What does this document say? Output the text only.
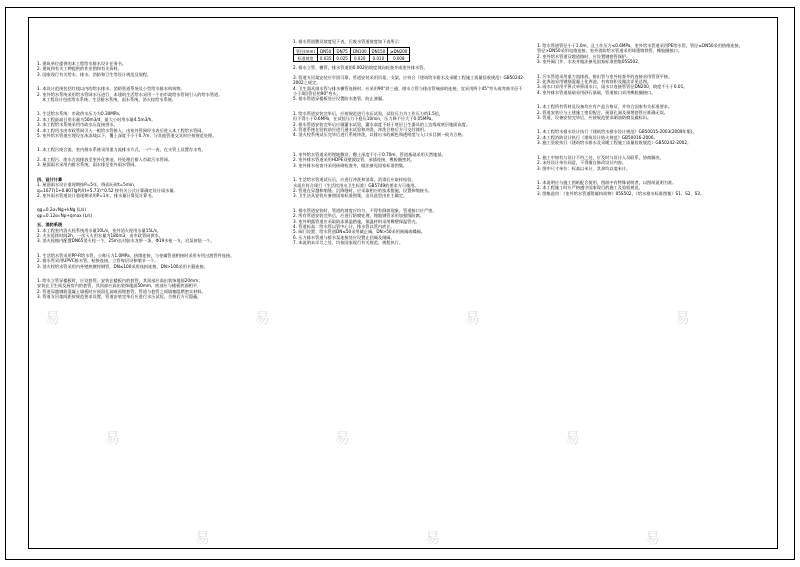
1. 建筑单位提供的本工程给水排水设计任务书。

2. 建筑和有关工种提供的作业图和有关资料。

3. 国家现行有关给水、排水、消防和卫生等设计规范及规程。

1. 本设计范围包括红线以内的给水排水、消防管道系统及小型给水排水构筑物。

2. 室外给水系统采用给水管网水压进行，本建筑生活给水采用一个由市政给水管网引入的给水管道。

本工程设计包括给水系统、生活排水系统、雨水系统、消火栓给水系统。

1. 生活给水系统：市政供水压力为0.30MPa，

2. 本工程最高日用水量为50m3/d，最大小时用水量4.5m3/h。

3. 本工程给水系统采用市政水压直接供水，

4. 本工程用水由市政管网引入一根给水管接入，由室外管网经水表后进入本工程给水管网。

5. 室外给水管道应埋设在冰冻线以下，覆土深度不小于0.7m，与其他管道交叉时应按规范处理。

1. 本工程污废合流，室内排水系统采用重力流排水方式，一户一表，在支管上设置存水弯。

2. 本工程污、废水合流排放至室外化粪池，经处理后排入市政污水管网。

3. 屋面雨水采用内排水系统，雨水排至室外雨水管网。

四、设计计算

1. 屋面雨水设计重现期按P=5年，降雨历时t=5min，

q=1677(1+0.807lgP)/(t+5.73)^0.52 按有关公式计算确定设计雨水量。

2. 室外雨水管道设计重现期采用P=1年，排水量计算见计算书。

qg=0.2α√Ng+kNg (L/s)

qp=0.12α√Np+qmax (L/s)

五、消防系统

1. 本工程室内消火栓系统用水量10L/s，室外消火栓用水量15L/s，

2. 火灾延续时间2h，一次灭火用水量为180m3，由市政管网供水。

3. 消火栓箱内配置DN65消火栓一个，25m长衬胶水龙带一条，Φ19水枪一支，启泵按钮一个。

1. 生活给水管采用PP-R给水管，公称压力1.0MPa，热熔连接，与金属管道相接时采用专用过渡管件连接。

2. 排水管采用UPVC排水管，粘接连接，立管每层设伸缩节一个。

3. 消火栓给水管采用内外壁热镀锌钢管，DN≤100采用丝扣连接，DN>100采用卡箍连接。

1. 给水立管穿楼板时，应设套管。安装在楼板内的套管，其顶部应高出装饰地面20mm；

安装在卫生间及厨房内的套管，其顶部应高出装饰地面50mm，底部应与楼板底面相平。

2. 管道穿越钢筋混凝土墙板时应预留孔洞或预埋套管，管道与套管之间填塞阻燃密实材料。

3. 管道支吊架间距按规范要求设置，管道安装完毕后应进行水压试验，合格后方可隐蔽。

1. 排水管道敷设坡度见下表，污废水管道坡度如下表所示：

管径(mm)	DN50	DN75	DN100	DN150	≥DN200
标准坡度	0.035	0.025	0.020	0.010	0.008

2. 排水立管、横管，排水管道的0.002的坡度坡向检查井或室外排水管。

3. 管道支吊架安装应牢固可靠，管道安装采用吊架、支架，应符合《建筑给水排水及采暖工程施工质量验收规范》GB50242-2002之规定。

4. 卫生器具排水管与排水横管连接时，应采用90°斜三通；排水立管与排出管端部的连接，宜采用两个45°弯头或弯曲半径不小于4倍管径的90°弯头。

5. 排水管道穿楼板处应设置防水套管，防止渗漏。

1. 给水管道安装完毕后，应按规范进行水压试验，试验压力为工作压力的1.5倍，

但不得小于0.6MPa，在试验压力下稳压10min，压力降不应大于0.05MPa。

2. 排水管道安装完毕后应做灌水试验，灌水高度不低于底层卫生器具的上边缘或底层地面高度。

3. 管道系统在验收前应进行通水试验和冲洗，冲洗合格后方可交付使用。

4. 消火栓系统试压完毕后进行系统冲洗，以排出水的颜色和透明度与入口水目测一致为合格。

1. 室外给水管道采用埋地敷设，覆土深度不小于0.70m，管道基础采用天然地基。

2. 室外排水管道采用HDPE双壁波纹管，承插连接，橡胶圈密封。

3. 室外排水检查井采用砖砌检查井，做法参见国家标准图集。

1. 生活给水管道试压后，应进行冲洗和消毒，消毒后应取样检验，

水质应符合现行《生活饮用水卫生标准》GB5749的要求方可使用。

2. 管道在穿越伸缩缝、沉降缝时，应采取相应的技术措施，设置伸缩接头。

3. 卫生洁具安装应参照国家标准图集，洁具选型由业主确定。

1. 排水管道安装时，管道的坡度应均匀，不得有倒坡现象，管道接口应严密。

2. 所有管道安装完毕后，应进行防腐处理，埋地钢管采用加强级防腐。

3. 室外明露管道应采取防冻保温措施，保温材料采用橡塑保温管壳。

4. 管道标高：给水管以管中心计，排水管以管内底计。

5. 阀门设置：给水管道DN≤50采用截止阀，DN>50采用闸阀或蝶阀。

6. 压力排水管道与排水泵连接处应设置止回阀及闸阀。

7. 本说明未详尽之处，均按国家现行有关规范、规程执行。

1. 给水管道管径小于1.0m，且工作压力≤0.6MPa，室外给水管道采用PE给水管，管径≤DN50采用热熔连接，

管径>DN50采用电熔连接，室外消防给水管道采用球墨铸铁管，橡胶圈接口。

2. 室外给水管道穿越道路时，应设置钢套管保护。

3. 室外阀门井、水表井做法参见国家标准图集05S502。

1. 污水管道采用重力流排放，排出管与室外检查井的连接采用管顶平接。

2. 化粪池采用钢筋混凝土化粪池，有效容积及做法详见总图。

3. 雨水口采用平箅式单箅雨水口，雨水口连接管管径DN200，坡度不小于0.01。

4. 室外排水管道基础采用砂石基础，管道接口采用橡胶圈接口。

1. 本工程所有管材及设备均应有产品合格证，并符合国家有关标准要求。

2. 管道安装应与土建施工密切配合，预留孔洞及预埋套管应准确无误。

3. 管道、设备安装完毕后，应按规范要求刷油防腐及做标识。

1. 本工程给水排水设计执行《建筑给水排水设计规范》GB50015-2003(2009年版)。

2. 本工程消防设计执行《建筑设计防火规范》GB50016-2006。

3. 施工验收执行《建筑给水排水及采暖工程施工质量验收规范》GB50242-2002。

1. 施工中如有与设计不符之处，应及时与设计人员联系，协商解决。

2. 未经设计单位同意，不得擅自修改设计内容。

3. 图中尺寸单位：标高以米计，其余均以毫米计。

1. 本说明应与施工图纸配合使用，图纸中有特殊说明者，以图纸说明为准。

2. 本工程施工时应严格遵守国家现行的施工及验收规范。

3. 图集选用：《室外给水管道附属构筑物》05S502，《给水排水标准图集》S1、S2、S3。

易	易	易	易
易	易	易
易	易	易
